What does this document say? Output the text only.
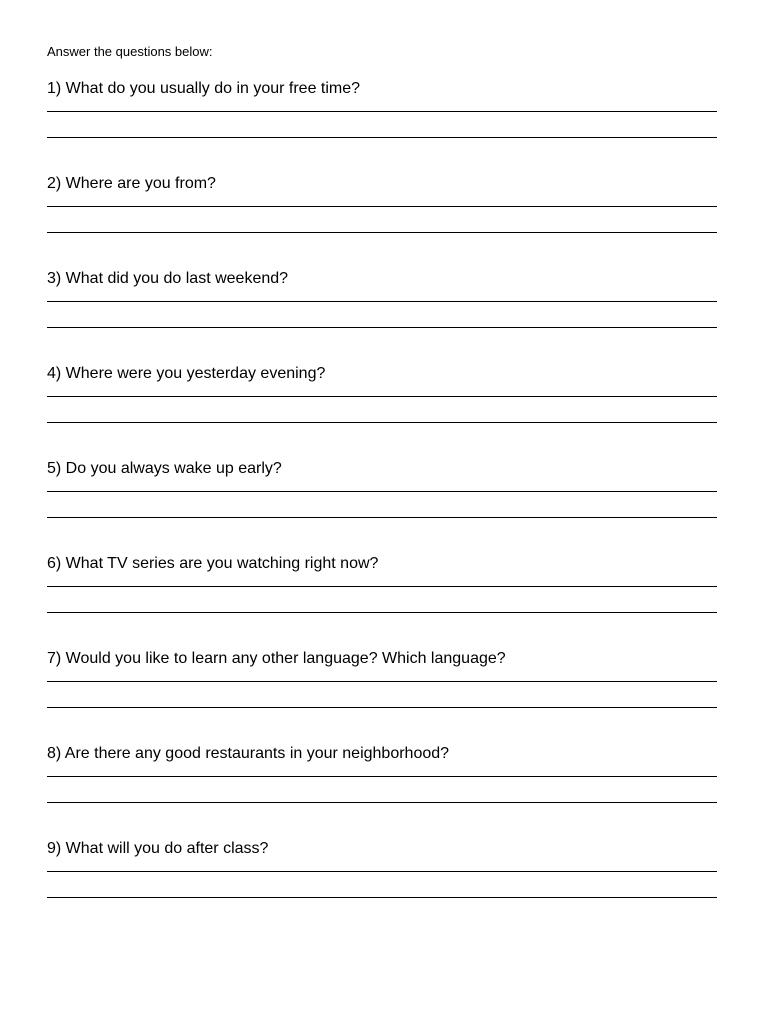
Answer the questions below:
1) What do you usually do in your free time?
2) Where are you from?
3) What did you do last weekend?
4) Where were you yesterday evening?
5) Do you always wake up early?
6) What TV series are you watching right now?
7) Would you like to learn any other language? Which language?
8) Are there any good restaurants in your neighborhood?
9) What will you do after class?
